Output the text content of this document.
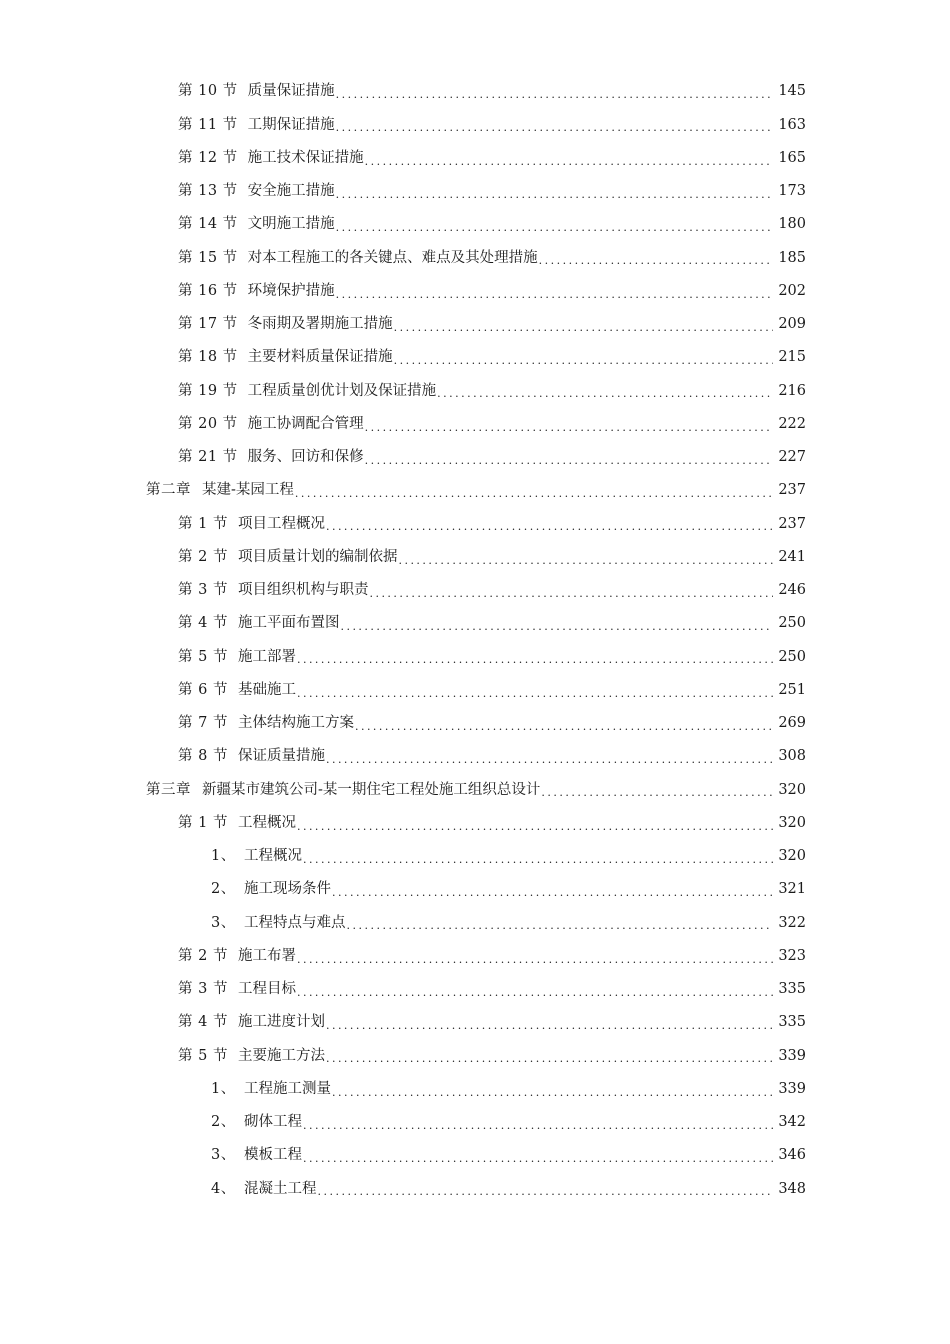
第 10 节 质量保证措施 . . .	145
第 11 节 工期保证措施 . . .	163
第 12 节 施工技术保证措施 . . .	165
第 13 节 安全施工措施 . . .	173
第 14 节 文明施工措施 . . .	180
第 15 节 对本工程施工的各关键点、难点及其处理措施 . . .	185
第 16 节 环境保护措施 . . .	202
第 17 节 冬雨期及署期施工措施 . . .	209
第 18 节 主要材料质量保证措施 . . .	215
第 19 节 工程质量创优计划及保证措施 . . .	216
第 20 节 施工协调配合管理 . . .	222
第 21 节 服务、回访和保修 . . .	227
第二章 某建-某园工程 . . .	237
第 1 节 项目工程概况 . . .	237
第 2 节 项目质量计划的编制依据 . . .	241
第 3 节 项目组织机构与职责 . . .	246
第 4 节 施工平面布置图 . . .	250
第 5 节 施工部署 . . .	250
第 6 节 基础施工 . . .	251
第 7 节 主体结构施工方案 . . .	269
第 8 节 保证质量措施 . . .	308
第三章 新疆某市建筑公司-某一期住宅工程处施工组织总设计 . . .	320
第 1 节 工程概况 . . .	320
1、 工程概况 . . .	320
2、 施工现场条件 . . .	321
3、 工程特点与难点 . . .	322
第 2 节 施工布署 . . .	323
第 3 节 工程目标 . . .	335
第 4 节 施工进度计划 . . .	335
第 5 节 主要施工方法 . . .	339
1、 工程施工测量 . . .	339
2、 砌体工程 . . .	342
3、 模板工程 . . .	346
4、 混凝土工程 . . .	348
